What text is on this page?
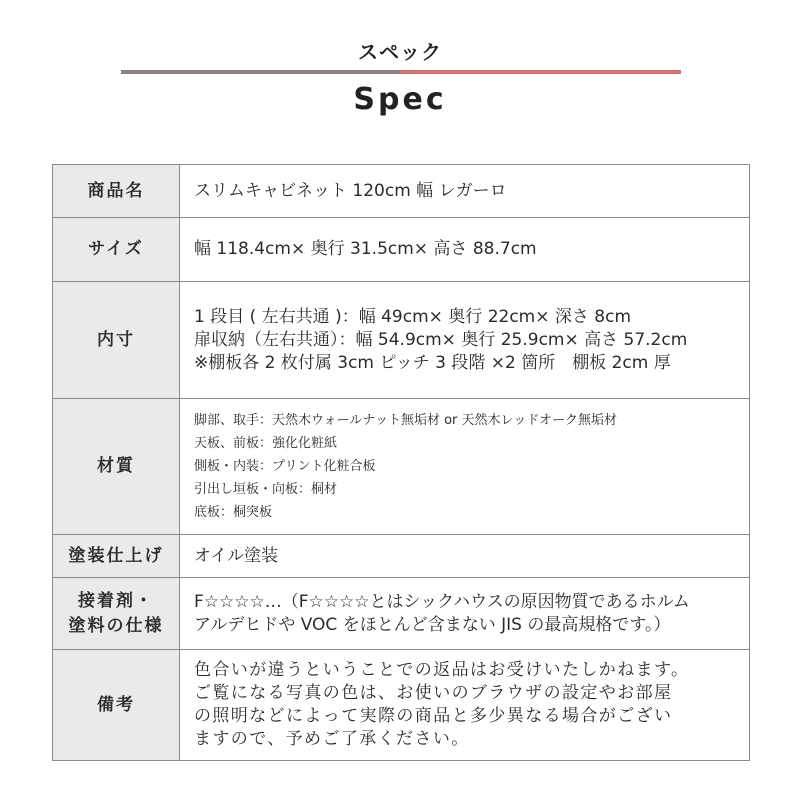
スペック
Spec
商品名	スリムキャビネット 120cm 幅 レガーロ

サイズ	幅 118.4cm× 奥行 31.5cm× 高さ 88.7cm

内寸	1 段目 ( 左右共通 )：幅 49cm× 奥行 22cm× 深さ 8cm
扉収納（左右共通）：幅 54.9cm× 奥行 25.9cm× 高さ 57.2cm
※棚板各 2 枚付属 3cm ピッチ 3 段階 ×2 箇所　棚板 2cm 厚

材質	脚部、取手：天然木ウォールナット無垢材 or 天然木レッドオーク無垢材
天板、前板：強化化粧紙
側板・内装：プリント化粧合板
引出し垣板・向板：桐材
底板：桐突板

塗装仕上げ	オイル塗装

接着剤・
塗料の仕様	F☆☆☆☆…（F☆☆☆☆とはシックハウスの原因物質であるホルム
アルデヒドや VOC をほとんど含まない JIS の最高規格です。）

備考	色合いが違うということでの返品はお受けいたしかねます。
ご覧になる写真の色は、お使いのブラウザの設定やお部屋
の照明などによって実際の商品と多少異なる場合がござい
ますので、予めご了承ください。
